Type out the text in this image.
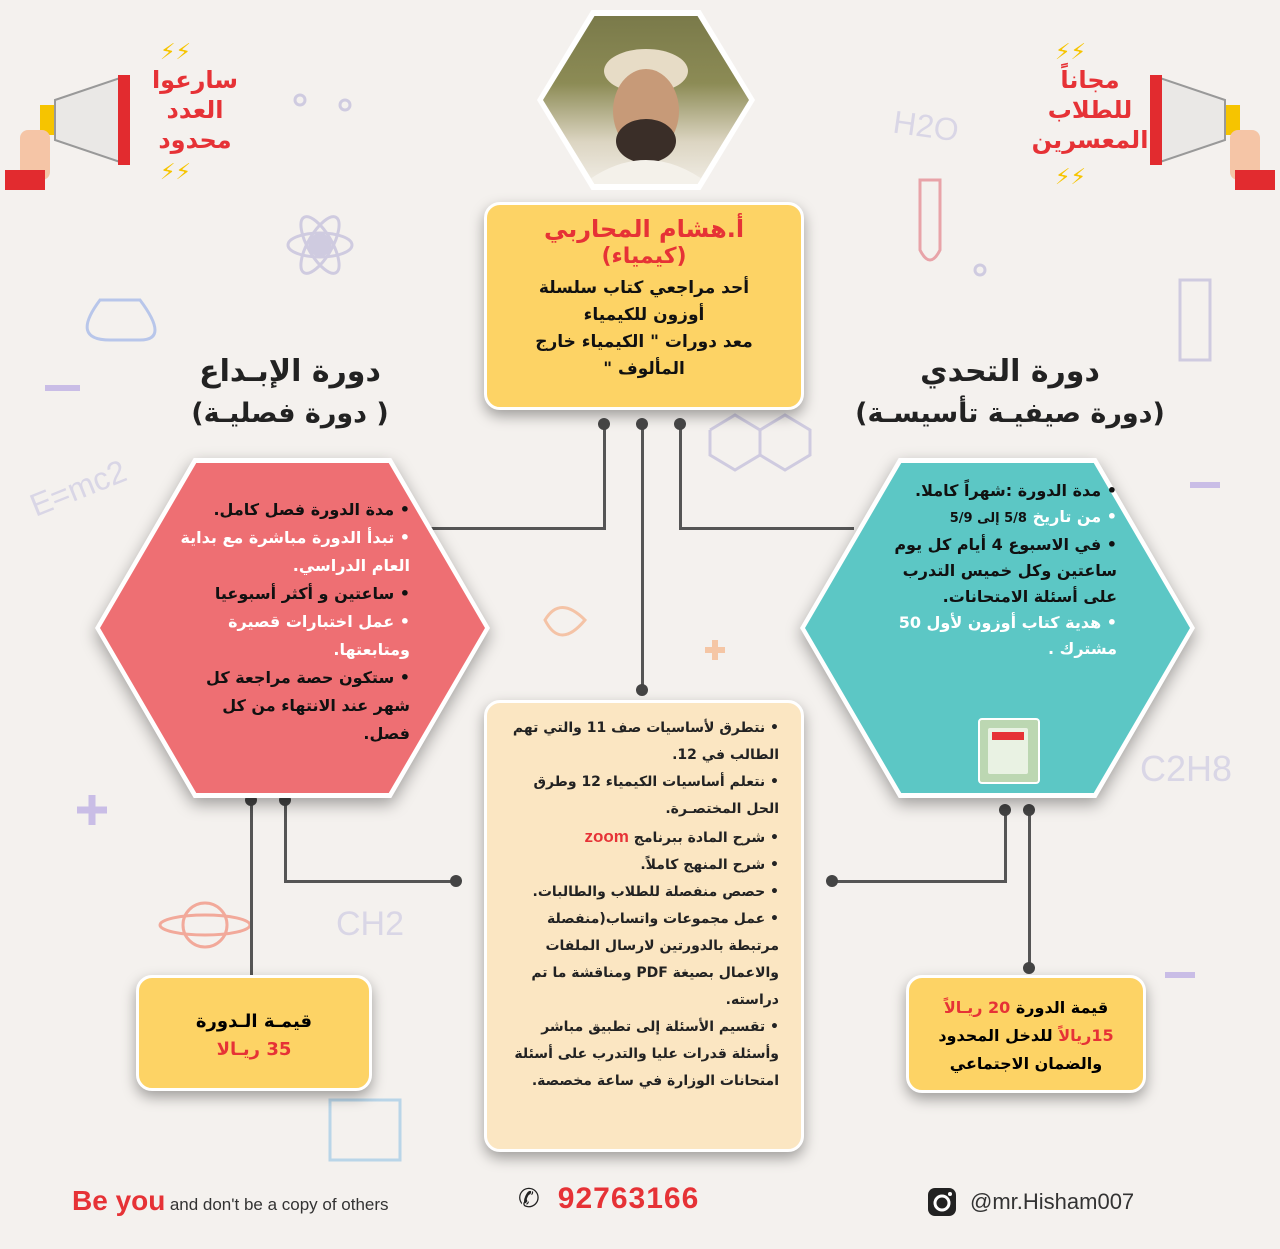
H2O
E=mc2
CH2
C2H8
⚡⚡
⚡⚡
⚡⚡
⚡⚡
سارعوا
العدد
محدود
مجاناً
للطلاب
المعسرين
أ.هشام المحاربي
(كيمياء)
أحد مراجعي كتاب سلسلة
أوزون للكيمياء
معد دورات " الكيمياء خارج
المألوف "
دورة الإبـداع
( دورة فصليـة)
دورة التحدي
(دورة صيفيـة تأسيسـة)
• مدة الدورة فصل كامل.
• تبدأ الدورة مباشرة مع بداية العام الدراسي.
• ساعتين و أكثر أسبوعيا
• عمل اختبارات قصيرة ومتابعتها.
• ستكون حصة مراجعة كل شهر عند الانتهاء من كل فصل.
• مدة الدورة :شهراً كاملا.
• من تاريخ 5/8 إلى 5/9
• في الاسبوع 4 أيام كل يوم ساعتين وكل خميس التدرب على أسئلة الامتحانات.
• هدية كتاب أوزون لأول 50 مشترك .
• نتطرق لأساسيات صف 11 والتي تهم الطالب في 12.
• نتعلم أساسيات الكيمياء 12 وطرق الحل المختصـرة.
• شرح المادة ببرنامج zoom
• شرح المنهج كاملاً.
• حصص منفصلة للطلاب والطالبات.
• عمل مجموعات واتساب(منفصلة مرتبطة بالدورتين لارسال الملفات والاعمال بصيغة PDF ومناقشة ما تم دراسته.
• تقسيم الأسئلة إلى تطبيق مباشر وأسئلة قدرات عليا والتدرب على أسئلة امتحانات الوزارة في ساعة مخصصة.
قيمـة الـدورة
35 ريـالا
قيمة الدورة 20 ريـالاً
15ريالاً للدخل المحدود والضمان الاجتماعي
Be you and don't be a copy of others	✆ 92763166	@mr.Hisham007
